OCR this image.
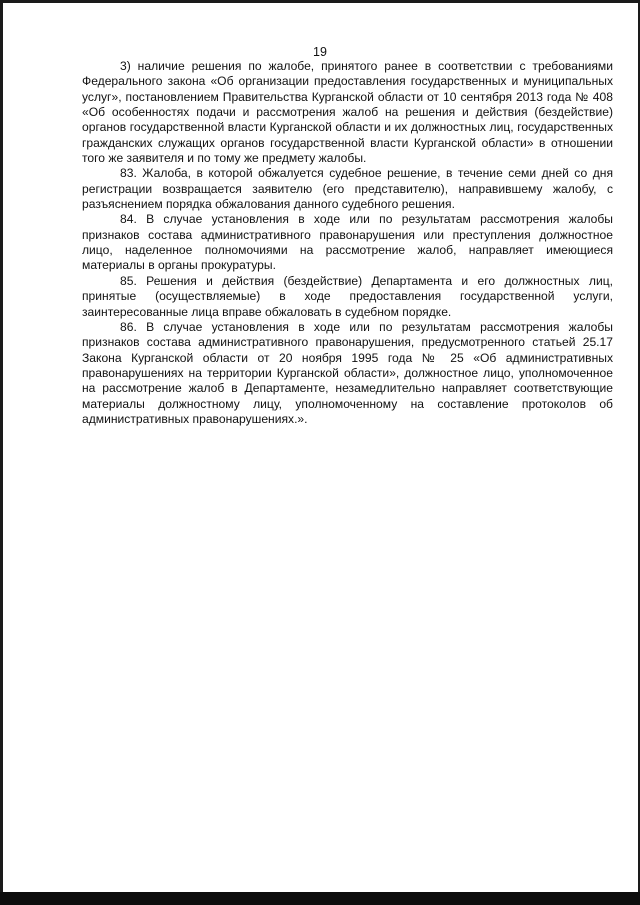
19

3) наличие решения по жалобе, принятого ранее в соответствии с требованиями Федерального закона «Об организации предоставления государственных и муниципальных услуг», постановлением Правительства Курганской области от 10 сентября 2013 года № 408 «Об особенностях подачи и рассмотрения жалоб на решения и действия (бездействие) органов государственной власти Курганской области и их должностных лиц, государственных гражданских служащих органов государственной власти Курганской области» в отношении того же заявителя и по тому же предмету жалобы.

83. Жалоба, в которой обжалуется судебное решение, в течение семи дней со дня регистрации возвращается заявителю (его представителю), направившему жалобу, с разъяснением порядка обжалования данного судебного решения.

84. В случае установления в ходе или по результатам рассмотрения жалобы признаков состава административного правонарушения или преступления должностное лицо, наделенное полномочиями на рассмотрение жалоб, направляет имеющиеся материалы в органы прокуратуры.

85. Решения и действия (бездействие) Департамента и его должностных лиц, принятые (осуществляемые) в ходе предоставления государственной услуги, заинтересованные лица вправе обжаловать в судебном порядке.

86. В случае установления в ходе или по результатам рассмотрения жалобы признаков состава административного правонарушения, предусмотренного статьей 25.17 Закона Курганской области от 20 ноября 1995 года № 25 «Об административных правонарушениях на территории Курганской области», должностное лицо, уполномоченное на рассмотрение жалоб в Департаменте, незамедлительно направляет соответствующие материалы должностному лицу, уполномоченному на составление протоколов об административных правонарушениях.».
